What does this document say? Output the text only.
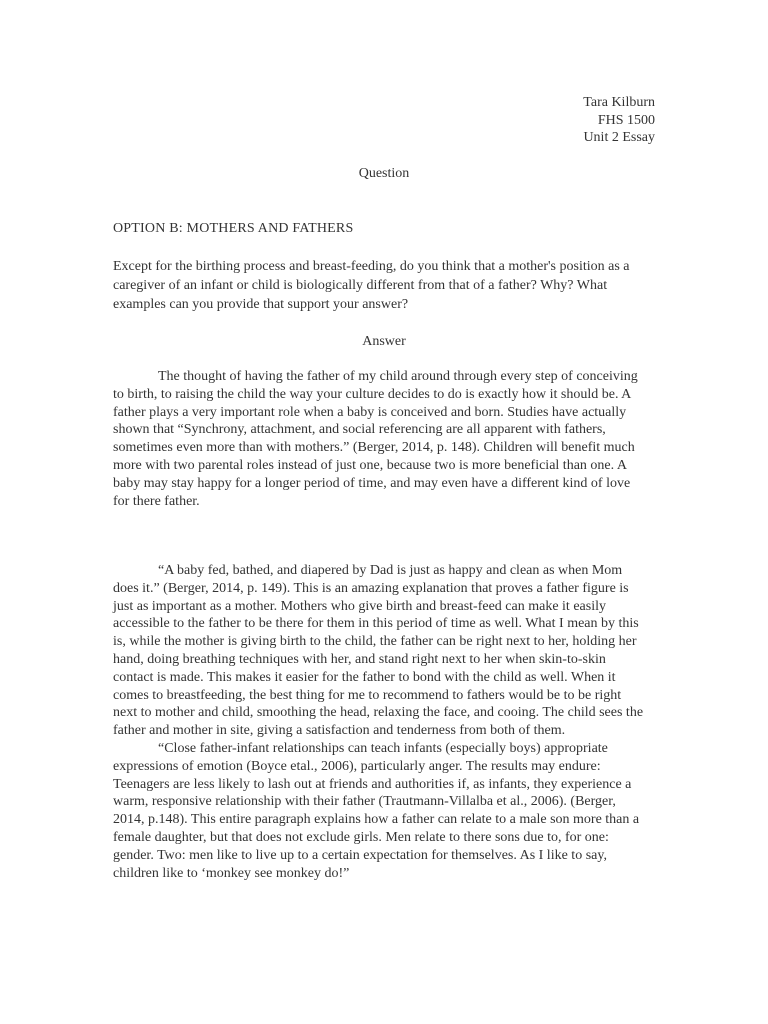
Tara Kilburn
FHS 1500
Unit 2 Essay
Question
OPTION B: MOTHERS AND FATHERS
Except for the birthing process and breast-feeding, do you think that a mother's position as a caregiver of an infant or child is biologically different from that of a father? Why? What examples can you provide that support your answer?
Answer

The thought of having the father of my child around through every step of conceiving to birth, to raising the child the way your culture decides to do is exactly how it should be. A father plays a very important role when a baby is conceived and born. Studies have actually shown that “Synchrony, attachment, and social referencing are all apparent with fathers, sometimes even more than with mothers.” (Berger, 2014, p. 148). Children will benefit much more with two parental roles instead of just one, because two is more beneficial than one. A baby may stay happy for a longer period of time, and may even have a different kind of love for there father.

“A baby fed, bathed, and diapered by Dad is just as happy and clean as when Mom does it.” (Berger, 2014, p. 149). This is an amazing explanation that proves a father figure is just as important as a mother. Mothers who give birth and breast-feed can make it easily accessible to the father to be there for them in this period of time as well. What I mean by this is, while the mother is giving birth to the child, the father can be right next to her, holding her hand, doing breathing techniques with her, and stand right next to her when skin-to-skin contact is made. This makes it easier for the father to bond with the child as well. When it comes to breastfeeding, the best thing for me to recommend to fathers would be to be right next to mother and child, smoothing the head, relaxing the face, and cooing. The child sees the father and mother in site, giving a satisfaction and tenderness from both of them.

“Close father-infant relationships can teach infants (especially boys) appropriate expressions of emotion (Boyce etal., 2006), particularly anger. The results may endure: Teenagers are less likely to lash out at friends and authorities if, as infants, they experience a warm, responsive relationship with their father (Trautmann-Villalba et al., 2006). (Berger, 2014, p.148). This entire paragraph explains how a father can relate to a male son more than a female daughter, but that does not exclude girls. Men relate to there sons due to, for one: gender. Two: men like to live up to a certain expectation for themselves. As I like to say, children like to ‘monkey see monkey do!”
